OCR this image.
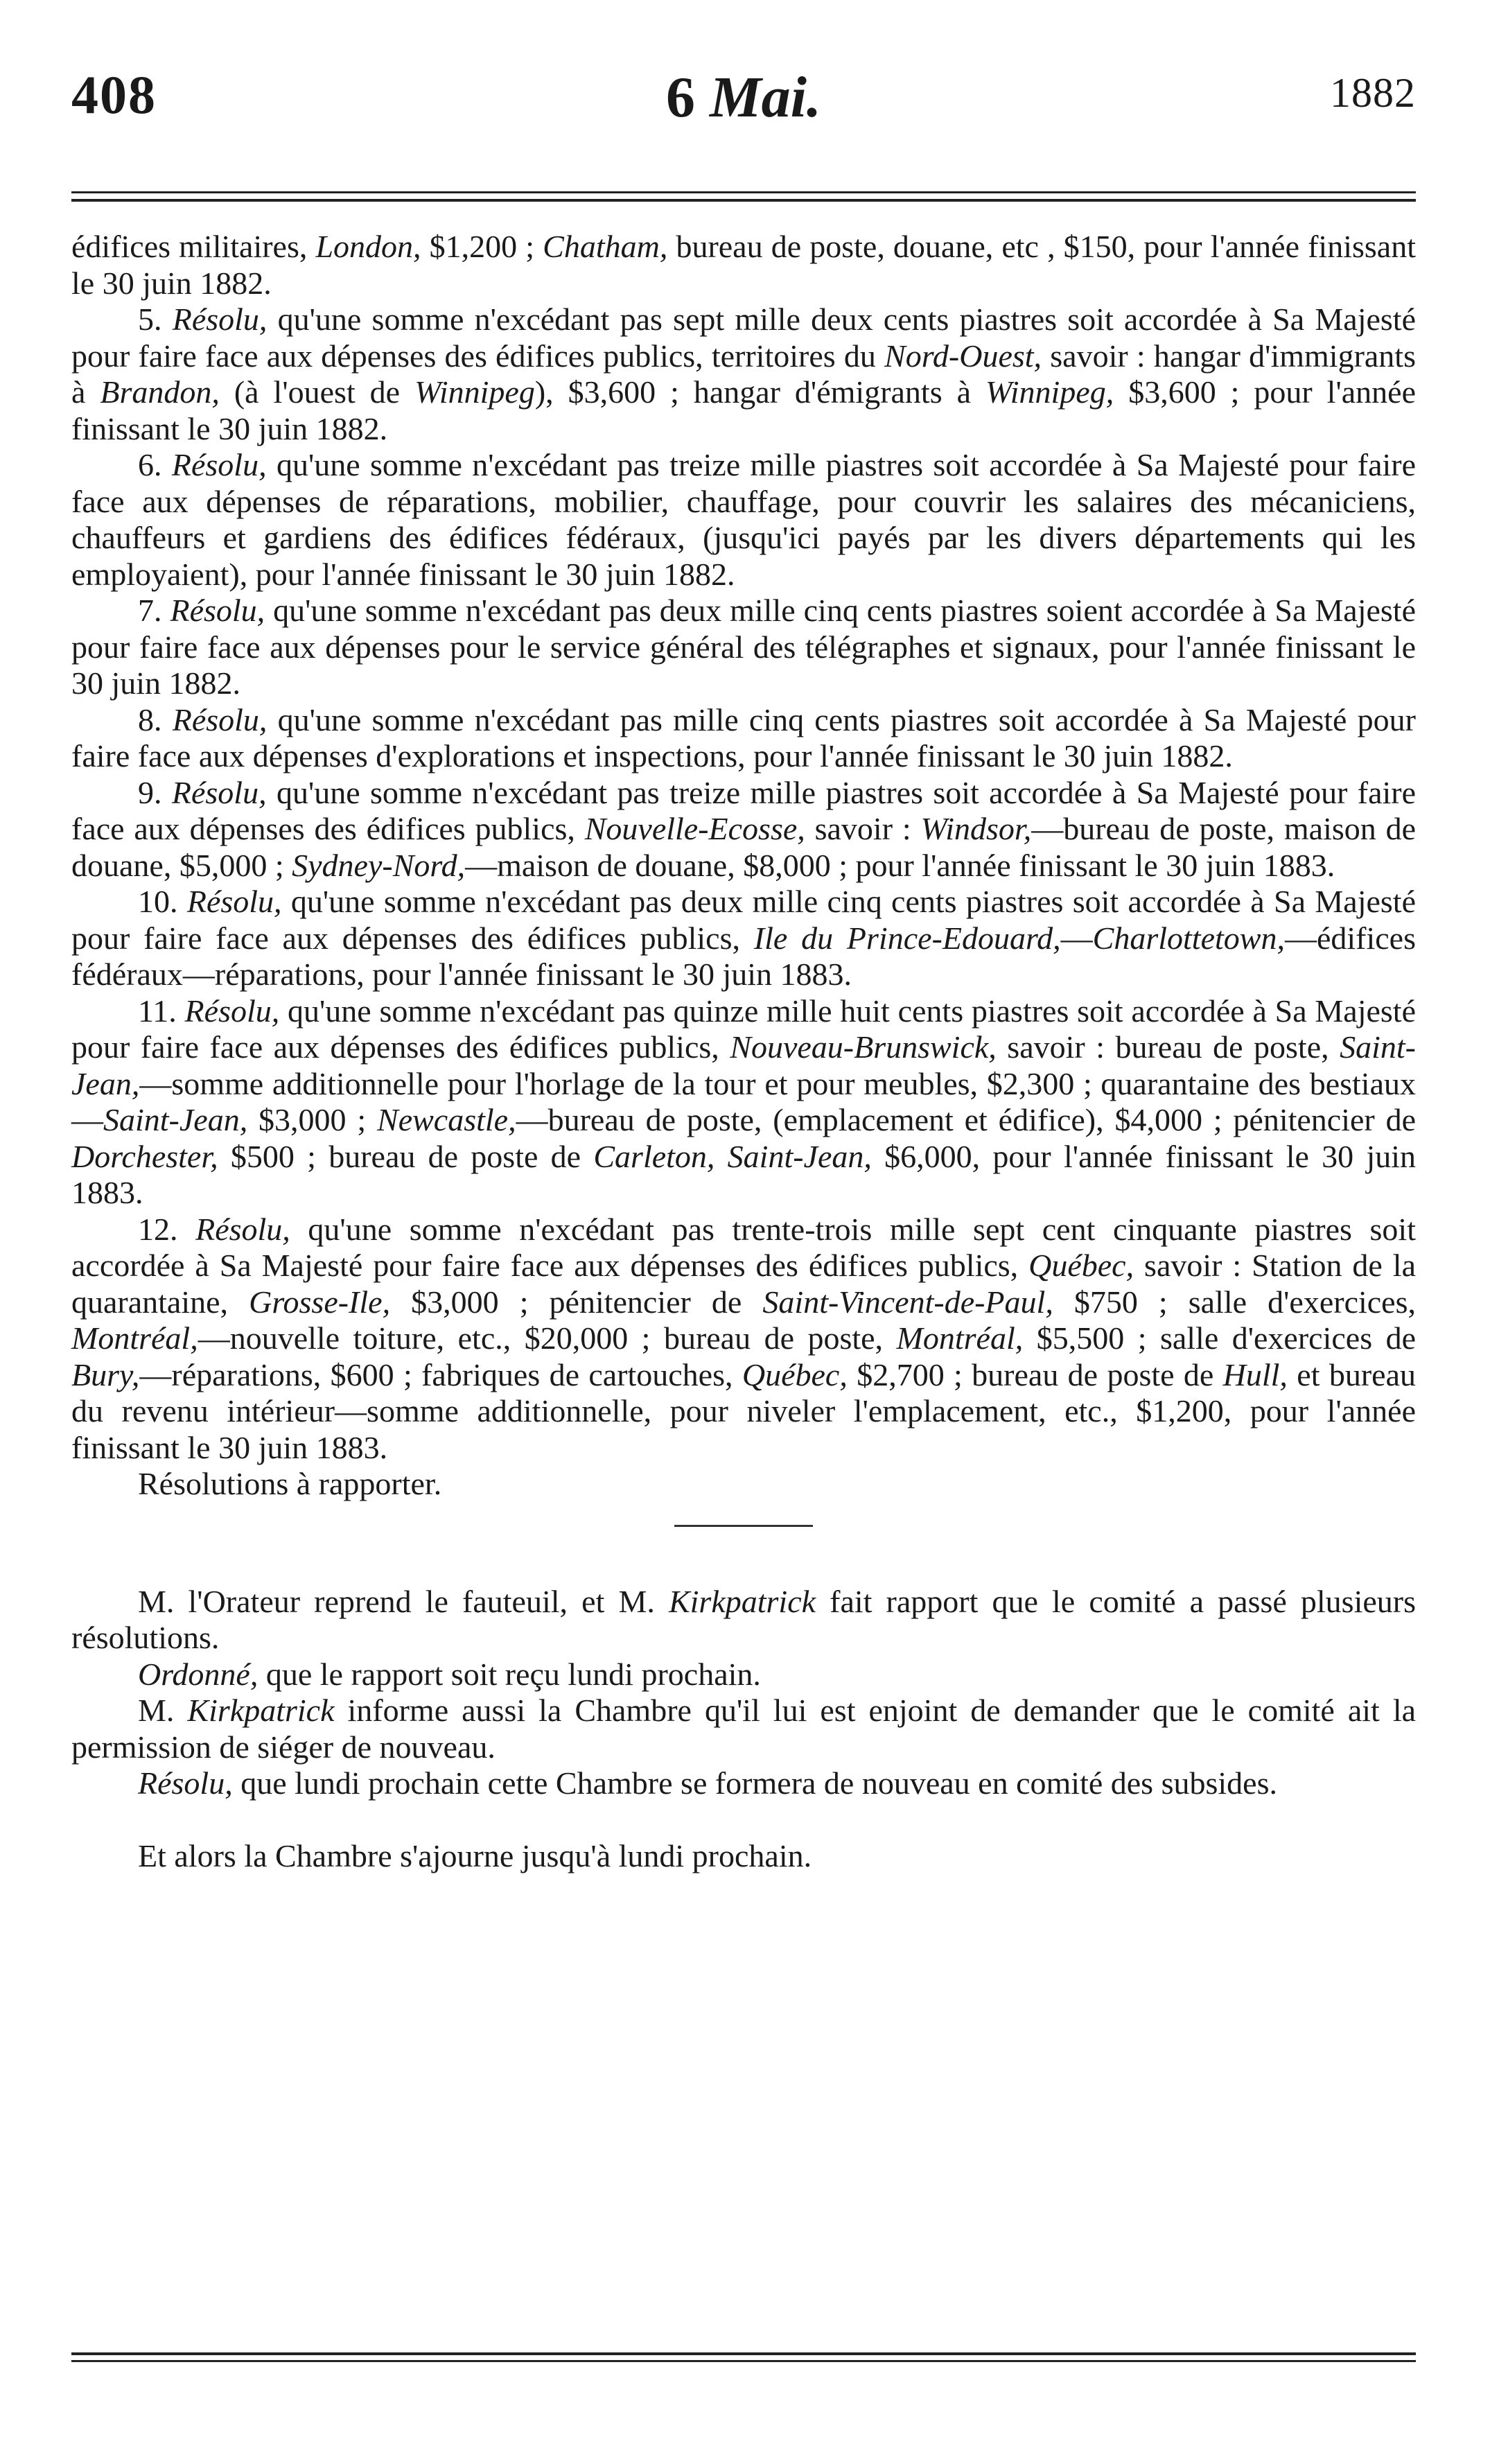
408	6 Mai.	1882

édifices militaires, London, $1,200 ; Chatham, bureau de poste, douane, etc , $150, pour l'année finissant le 30 juin 1882.

5. Résolu, qu'une somme n'excédant pas sept mille deux cents piastres soit accordée à Sa Majesté pour faire face aux dépenses des édifices publics, territoires du Nord-Ouest, savoir : hangar d'immigrants à Brandon, (à l'ouest de Winnipeg), $3,600 ; hangar d'émigrants à Winnipeg, $3,600 ; pour l'année finissant le 30 juin 1882.

6. Résolu, qu'une somme n'excédant pas treize mille piastres soit accordée à Sa Majesté pour faire face aux dépenses de réparations, mobilier, chauffage, pour couvrir les salaires des mécaniciens, chauffeurs et gardiens des édifices fédéraux, (jusqu'ici payés par les divers départements qui les employaient), pour l'année finissant le 30 juin 1882.

7. Résolu, qu'une somme n'excédant pas deux mille cinq cents piastres soient accordée à Sa Majesté pour faire face aux dépenses pour le service général des télégraphes et signaux, pour l'année finissant le 30 juin 1882.

8. Résolu, qu'une somme n'excédant pas mille cinq cents piastres soit accordée à Sa Majesté pour faire face aux dépenses d'explorations et inspections, pour l'année finissant le 30 juin 1882.

9. Résolu, qu'une somme n'excédant pas treize mille piastres soit accordée à Sa Majesté pour faire face aux dépenses des édifices publics, Nouvelle-Ecosse, savoir : Windsor,—bureau de poste, maison de douane, $5,000 ; Sydney-Nord,—maison de douane, $8,000 ; pour l'année finissant le 30 juin 1883.

10. Résolu, qu'une somme n'excédant pas deux mille cinq cents piastres soit accordée à Sa Majesté pour faire face aux dépenses des édifices publics, Ile du Prince-Edouard,—Charlottetown,—édifices fédéraux—réparations, pour l'année finissant le 30 juin 1883.

11. Résolu, qu'une somme n'excédant pas quinze mille huit cents piastres soit accordée à Sa Majesté pour faire face aux dépenses des édifices publics, Nouveau-Brunswick, savoir : bureau de poste, Saint-Jean,—somme additionnelle pour l'horlage de la tour et pour meubles, $2,300 ; quarantaine des bestiaux—Saint-Jean, $3,000 ; Newcastle,—bureau de poste, (emplacement et édifice), $4,000 ; pénitencier de Dorchester, $500 ; bureau de poste de Carleton, Saint-Jean, $6,000, pour l'année finissant le 30 juin 1883.

12. Résolu, qu'une somme n'excédant pas trente-trois mille sept cent cinquante piastres soit accordée à Sa Majesté pour faire face aux dépenses des édifices publics, Québec, savoir : Station de la quarantaine, Grosse-Ile, $3,000 ; pénitencier de Saint-Vincent-de-Paul, $750 ; salle d'exercices, Montréal,—nouvelle toiture, etc., $20,000 ; bureau de poste, Montréal, $5,500 ; salle d'exercices de Bury,—réparations, $600 ; fabriques de cartouches, Québec, $2,700 ; bureau de poste de Hull, et bureau du revenu intérieur—somme additionnelle, pour niveler l'emplacement, etc., $1,200, pour l'année finissant le 30 juin 1883.

Résolutions à rapporter.

M. l'Orateur reprend le fauteuil, et M. Kirkpatrick fait rapport que le comité a passé plusieurs résolutions.

Ordonné, que le rapport soit reçu lundi prochain.

M. Kirkpatrick informe aussi la Chambre qu'il lui est enjoint de demander que le comité ait la permission de siéger de nouveau.

Résolu, que lundi prochain cette Chambre se formera de nouveau en comité des subsides.

Et alors la Chambre s'ajourne jusqu'à lundi prochain.
